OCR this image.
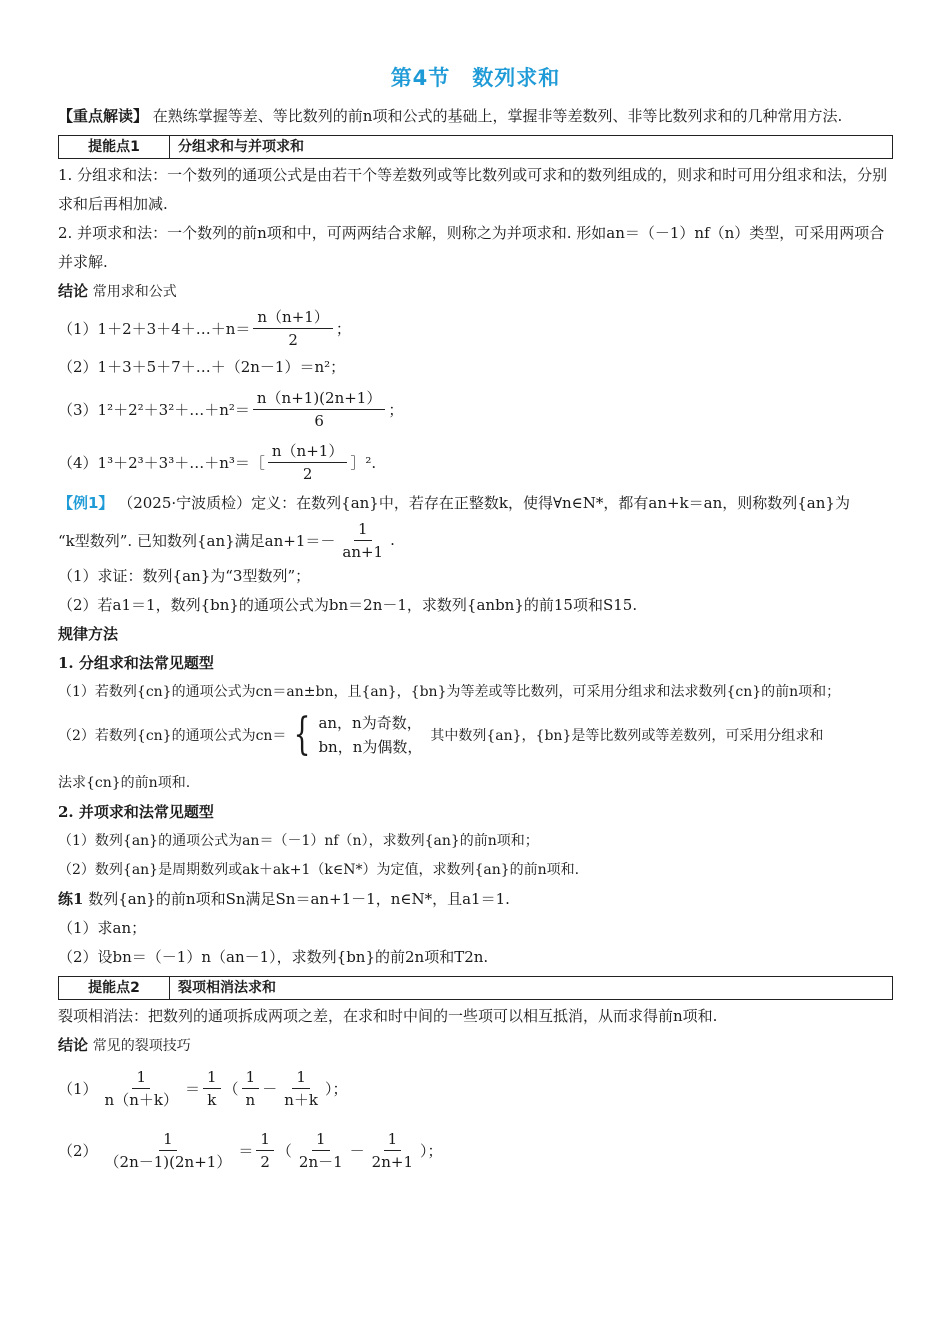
第4节　数列求和

【重点解读】 在熟练掌握等差、等比数列的前n项和公式的基础上，掌握非等差数列、非等比数列求和的几种常用方法.

提能点1	分组求和与并项求和

1. 分组求和法：一个数列的通项公式是由若干个等差数列或等比数列或可求和的数列组成的，则求和时可用分组求和法，分别求和后再相加减.

2. 并项求和法：一个数列的前n项和中，可两两结合求解，则称之为并项求和. 形如an＝（－1）nf（n）类型，可采用两项合并求解.

结论 常用求和公式

（1）1＋2＋3＋4＋…＋n＝ $\frac{n(n+1)}{2}$ ；
（2）1＋3＋5＋7＋…＋（2n－1）＝n²；
（3）1²＋2²＋3²＋…＋n²＝ $\frac{n(n+1)(2n+1)}{6}$ ；
（4）1³＋2³＋3³＋…＋n³＝［ $\frac{n(n+1)}{2}$ ］².

【例1】 （2025·宁波质检）定义：在数列{an}中，若存在正整数k，使得∀n∈N*，都有an+k＝an，则称数列{an}为

“k型数列”. 已知数列{an}满足$an+1=- \frac{1}{an+1}$ .

（1）求证：数列{an}为“3型数列”；

（2）若a1＝1，数列{bn}的通项公式为bn＝2n－1，求数列{anbn}的前15项和S15.

规律方法

1. 分组求和法常见题型

（1）若数列{cn}的通项公式为cn＝an±bn，且{an}，{bn}为等差或等比数列，可采用分组求和法求数列{cn}的前n项和；

（2）若数列{cn}的通项公式为cn＝ { an，n为奇数，
bn，n为偶数，
其中数列{an}，{bn}是等比数列或等差数列，可采用分组求和

法求{cn}的前n项和.

2. 并项求和法常见题型

（1）数列{an}的通项公式为an＝（－1）nf（n），求数列{an}的前n项和；

（2）数列{an}是周期数列或ak＋ak+1（k∈N*）为定值，求数列{an}的前n项和.

练1 数列{an}的前n项和Sn满足Sn＝an+1－1，n∈N*，且a1＝1.

（1）求an；

（2）设bn＝（－1）n（an－1），求数列{bn}的前2n项和T2n.

提能点2	裂项相消法求和

裂项相消法：把数列的通项拆成两项之差，在求和时中间的一些项可以相互抵消，从而求得前n项和.

结论 常见的裂项技巧

$(1) \frac{1}{n(n+k)} = \frac{1}{k}$ （ $\frac{1}{n} - \frac{1}{n+k}$ ）；
$(2) \frac{1}{(2n-1)(2n+1)} = \frac{1}{2}$ （ $\frac{1}{2n-1} - \frac{1}{2n+1}$ ）；
